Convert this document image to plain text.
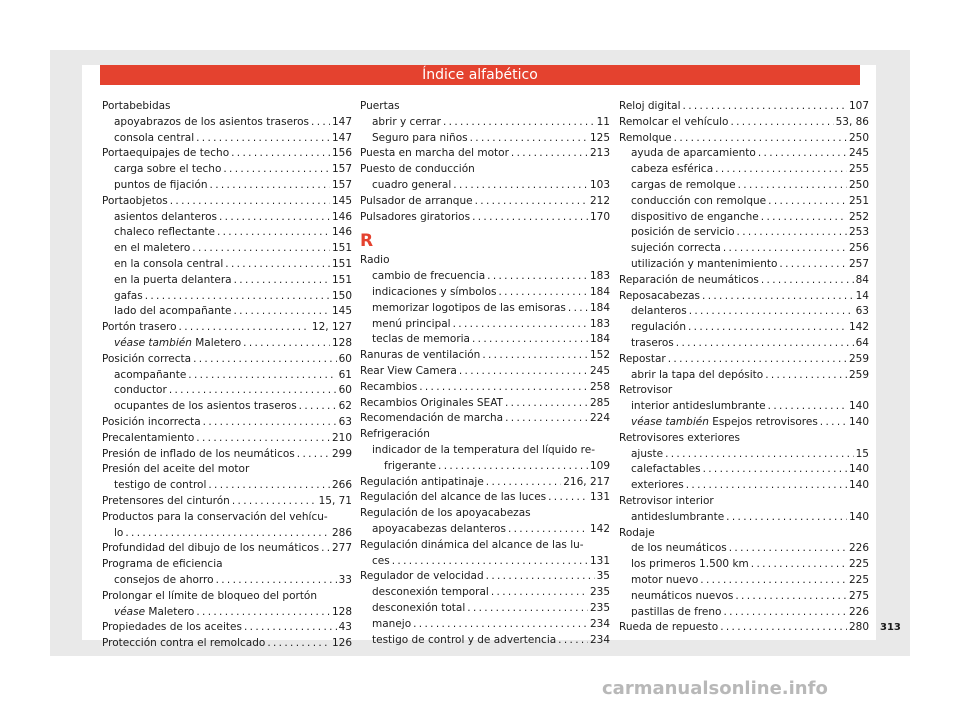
Índice alfabético
Portabebidas
apoyabrazos de los asientos traseros . . . 147
consola central . . .	147
Portaequipajes de techo . . .	156
carga sobre el techo . . .	157
puntos de fijación . . .	157
Portaobjetos . . .	145
asientos delanteros . . .	146
chaleco reflectante . . .	146
en el maletero . . .	151
en la consola central . . .	151
en la puerta delantera . . .	151
gafas . . .	150
lado del acompañante . . .	145
Portón trasero . . .	12, 127
véase también Maletero . . .	128
Posición correcta . . .	60
acompañante . . .	61
conductor . . .	60
ocupantes de los asientos traseros . . .	62
Posición incorrecta . . .	63
Precalentamiento . . .	210
Presión de inflado de los neumáticos . . .	299
Presión del aceite del motor
testigo de control . . .	266
Pretensores del cinturón . . .	15, 71
Productos para la conservación del vehícu-
lo . . .	286
Profundidad del dibujo de los neumáticos . . . 277
Programa de eficiencia
consejos de ahorro . . .	33
Prolongar el límite de bloqueo del portón
véase Maletero . . .	128
Propiedades de los aceites . . .	43
Protección contra el remolcado . . .	126
Puertas
abrir y cerrar . . .	11
Seguro para niños . . .	125
Puesta en marcha del motor . . .	213
Puesto de conducción
cuadro general . . .	103
Pulsador de arranque . . .	212
Pulsadores giratorios . . .	170
R
Radio
cambio de frecuencia . . .	183
indicaciones y símbolos . . .	184
memorizar logotipos de las emisoras . . . 184
menú principal . . .	183
teclas de memoria . . .	184
Ranuras de ventilación . . .	152
Rear View Camera . . .	245
Recambios . . .	258
Recambios Originales SEAT . . .	285
Recomendación de marcha . . .	224
Refrigeración
indicador de la temperatura del líquido re-
frigerante . . .	109
Regulación antipatinaje . . .	216, 217
Regulación del alcance de las luces . . .	131
Regulación de los apoyacabezas
apoyacabezas delanteros . . .	142
Regulación dinámica del alcance de las lu-
ces . . .	131
Regulador de velocidad . . .	35
desconexión temporal . . .	235
desconexión total . . .	235
manejo . . .	234
testigo de control y de advertencia . . .	234
Reloj digital . . .	107
Remolcar el vehículo . . .	53, 86
Remolque . . .	250
ayuda de aparcamiento . . .	245
cabeza esférica . . .	255
cargas de remolque . . .	250
conducción con remolque . . .	251
dispositivo de enganche . . .	252
posición de servicio . . .	253
sujeción correcta . . .	256
utilización y mantenimiento . . .	257
Reparación de neumáticos . . .	84
Reposacabezas . . .	14
delanteros . . .	63
regulación . . .	142
traseros . . .	64
Repostar . . .	259
abrir la tapa del depósito . . .	259
Retrovisor
interior antideslumbrante . . .	140
véase también Espejos retrovisores . . .	140
Retrovisores exteriores
ajuste . . .	15
calefactables . . .	140
exteriores . . .	140
Retrovisor interior
antideslumbrante . . .	140
Rodaje
de los neumáticos . . .	226
los primeros 1.500 km . . .	225
motor nuevo . . .	225
neumáticos nuevos . . .	275
pastillas de freno . . .	226
Rueda de repuesto . . .	280 313
carmanualsonline.info
